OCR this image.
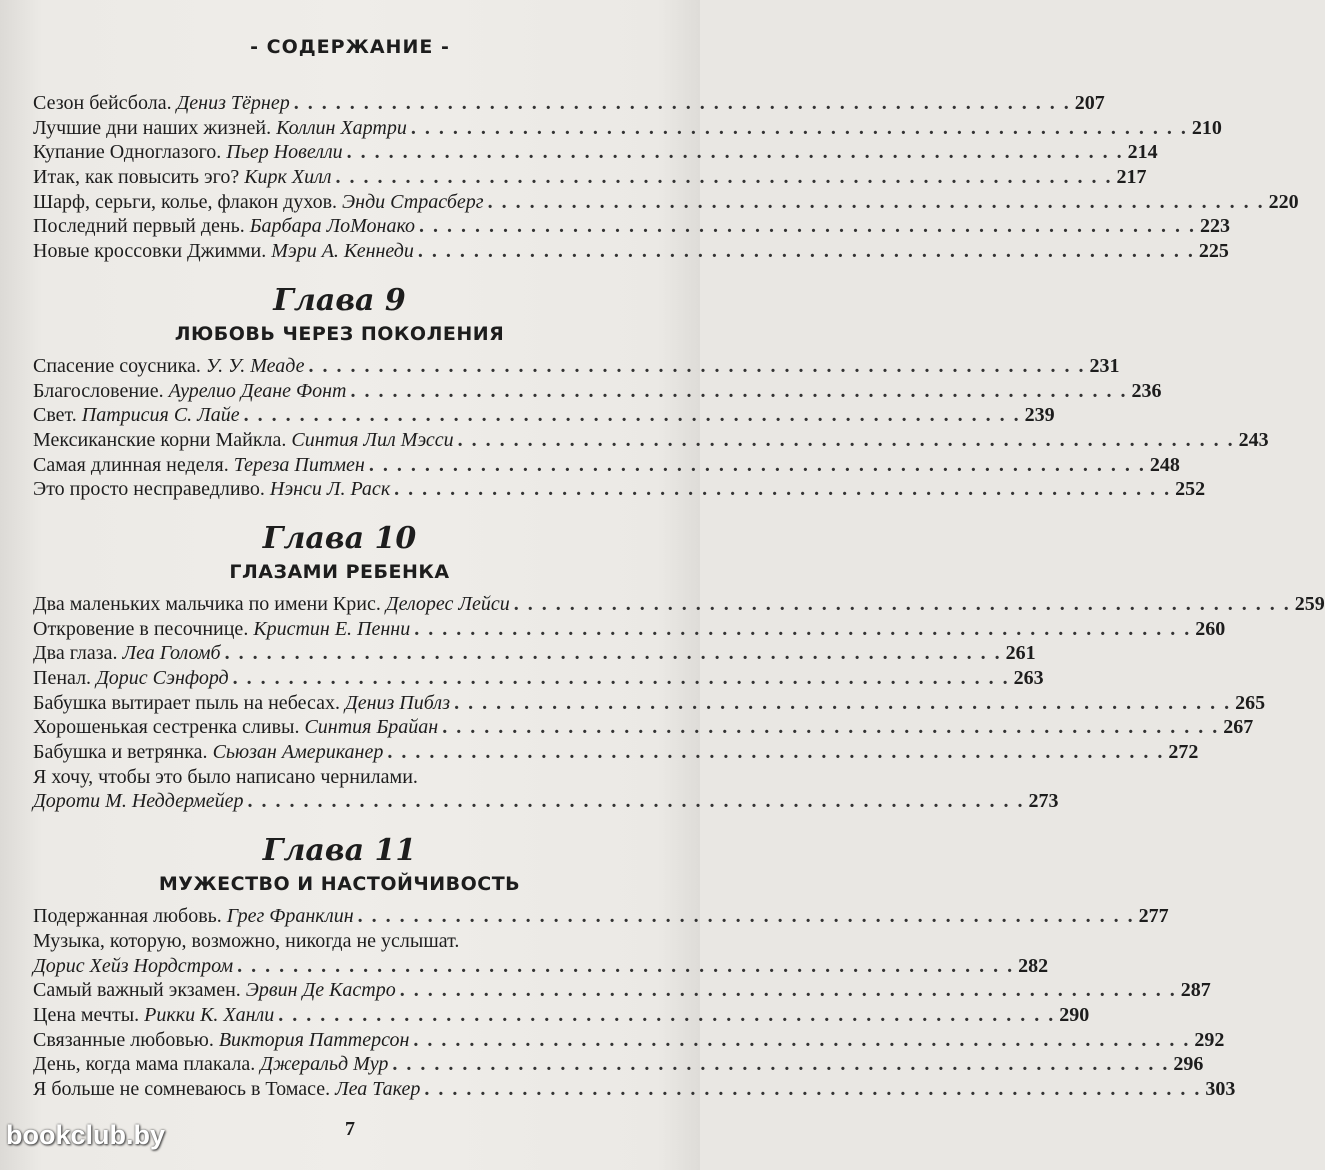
- СОДЕРЖАНИЕ -
Сезон бейсбола. Дениз Тёрнер . . . . . . . . . . . . . . . . . . . . . . . . . . . . . . . . . . . . . . . . . . . . . . . . . . . . . . . . 207
Лучшие дни наших жизней. Коллин Хартри . . . . . . . . . . . . . . . . . . . . . . . . . . . . . . . . . . . . . . . . . . . . . . . . . . . . . . . . 210
Купание Одноглазого. Пьер Новелли . . . . . . . . . . . . . . . . . . . . . . . . . . . . . . . . . . . . . . . . . . . . . . . . . . . . . . . . 214
Итак, как повысить эго? Кирк Хилл . . . . . . . . . . . . . . . . . . . . . . . . . . . . . . . . . . . . . . . . . . . . . . . . . . . . . . . . 217
Шарф, серьги, колье, флакон духов. Энди Страсберг . . . . . . . . . . . . . . . . . . . . . . . . . . . . . . . . . . . . . . . . . . . . . . . . . . . . . . . . 220
Последний первый день. Барбара ЛоМонако . . . . . . . . . . . . . . . . . . . . . . . . . . . . . . . . . . . . . . . . . . . . . . . . . . . . . . . . 223
Новые кроссовки Джимми. Мэри А. Кеннеди . . . . . . . . . . . . . . . . . . . . . . . . . . . . . . . . . . . . . . . . . . . . . . . . . . . . . . . . 225
Глава 9
ЛЮБОВЬ ЧЕРЕЗ ПОКОЛЕНИЯ
Спасение соусника. У. У. Меаде . . . . . . . . . . . . . . . . . . . . . . . . . . . . . . . . . . . . . . . . . . . . . . . . . . . . . . . . 231
Благословение. Аурелио Деане Фонт . . . . . . . . . . . . . . . . . . . . . . . . . . . . . . . . . . . . . . . . . . . . . . . . . . . . . . . . 236
Свет. Патрисия С. Лайе . . . . . . . . . . . . . . . . . . . . . . . . . . . . . . . . . . . . . . . . . . . . . . . . . . . . . . . . 239
Мексиканские корни Майкла. Синтия Лил Мэсси . . . . . . . . . . . . . . . . . . . . . . . . . . . . . . . . . . . . . . . . . . . . . . . . . . . . . . . . 243
Самая длинная неделя. Тереза Питмен . . . . . . . . . . . . . . . . . . . . . . . . . . . . . . . . . . . . . . . . . . . . . . . . . . . . . . . . 248
Это просто несправедливо. Нэнси Л. Раск . . . . . . . . . . . . . . . . . . . . . . . . . . . . . . . . . . . . . . . . . . . . . . . . . . . . . . . . 252
Глава 10
ГЛАЗАМИ РЕБЕНКА
Два маленьких мальчика по имени Крис. Делорес Лейси . . . . . . . . . . . . . . . . . . . . . . . . . . . . . . . . . . . . . . . . . . . . . . . . . . . . . . . . 259
Откровение в песочнице. Кристин Е. Пенни . . . . . . . . . . . . . . . . . . . . . . . . . . . . . . . . . . . . . . . . . . . . . . . . . . . . . . . . 260
Два глаза. Леа Голомб . . . . . . . . . . . . . . . . . . . . . . . . . . . . . . . . . . . . . . . . . . . . . . . . . . . . . . . . 261
Пенал. Дорис Сэнфорд . . . . . . . . . . . . . . . . . . . . . . . . . . . . . . . . . . . . . . . . . . . . . . . . . . . . . . . . 263
Бабушка вытирает пыль на небесах. Дениз Пиблз . . . . . . . . . . . . . . . . . . . . . . . . . . . . . . . . . . . . . . . . . . . . . . . . . . . . . . . . 265
Хорошенькая сестренка сливы. Синтия Брайан . . . . . . . . . . . . . . . . . . . . . . . . . . . . . . . . . . . . . . . . . . . . . . . . . . . . . . . . 267
Бабушка и ветрянка. Сьюзан Американер . . . . . . . . . . . . . . . . . . . . . . . . . . . . . . . . . . . . . . . . . . . . . . . . . . . . . . . . 272
Я хочу, чтобы это было написано чернилами.
Дороти М. Неддермейер . . . . . . . . . . . . . . . . . . . . . . . . . . . . . . . . . . . . . . . . . . . . . . . . . . . . . . . . 273
Глава 11
МУЖЕСТВО И НАСТОЙЧИВОСТЬ
Подержанная любовь. Грег Франклин . . . . . . . . . . . . . . . . . . . . . . . . . . . . . . . . . . . . . . . . . . . . . . . . . . . . . . . . 277
Музыка, которую, возможно, никогда не услышат.
Дорис Хейз Нордстром . . . . . . . . . . . . . . . . . . . . . . . . . . . . . . . . . . . . . . . . . . . . . . . . . . . . . . . . 282
Самый важный экзамен. Эрвин Де Кастро . . . . . . . . . . . . . . . . . . . . . . . . . . . . . . . . . . . . . . . . . . . . . . . . . . . . . . . . 287
Цена мечты. Рикки К. Ханли . . . . . . . . . . . . . . . . . . . . . . . . . . . . . . . . . . . . . . . . . . . . . . . . . . . . . . . . 290
Связанные любовью. Виктория Паттерсон . . . . . . . . . . . . . . . . . . . . . . . . . . . . . . . . . . . . . . . . . . . . . . . . . . . . . . . . 292
День, когда мама плакала. Джеральд Мур . . . . . . . . . . . . . . . . . . . . . . . . . . . . . . . . . . . . . . . . . . . . . . . . . . . . . . . . 296
Я больше не сомневаюсь в Томасе. Леа Такер . . . . . . . . . . . . . . . . . . . . . . . . . . . . . . . . . . . . . . . . . . . . . . . . . . . . . . . . 303
7
bookclub.by
